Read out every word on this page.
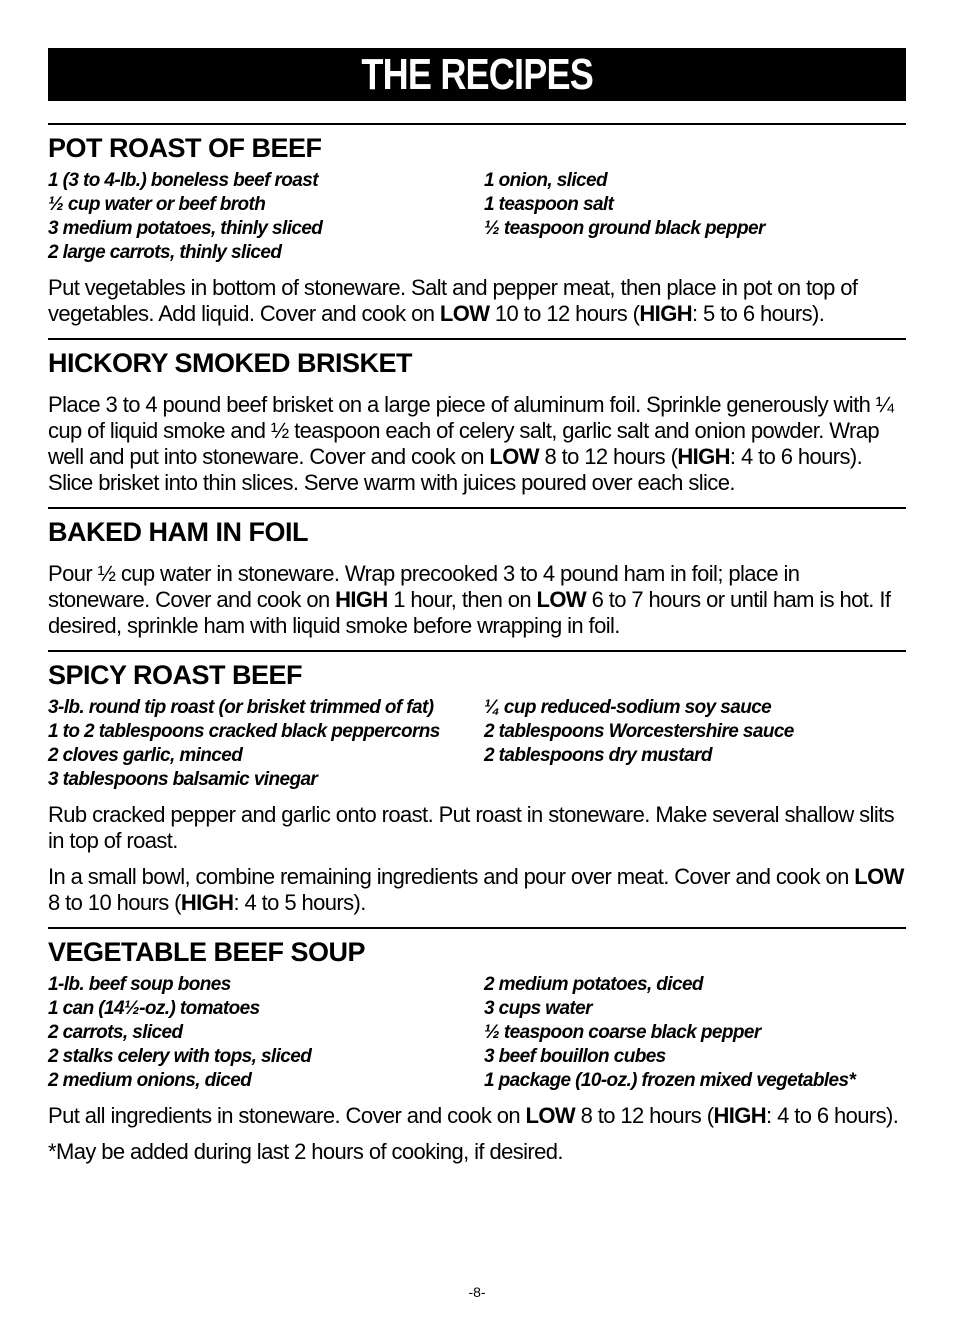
THE RECIPES
POT ROAST OF BEEF
1 (3 to 4-lb.) boneless beef roast
½ cup water or beef broth
3 medium potatoes, thinly sliced
2 large carrots, thinly sliced
1 onion, sliced
1 teaspoon salt
½ teaspoon ground black pepper

Put vegetables in bottom of stoneware. Salt and pepper meat, then place in pot on top of vegetables. Add liquid. Cover and cook on LOW 10 to 12 hours (HIGH: 5 to 6 hours).

HICKORY SMOKED BRISKET

Place 3 to 4 pound beef brisket on a large piece of aluminum foil. Sprinkle generously with ¼ cup of liquid smoke and ½ teaspoon each of celery salt, garlic salt and onion powder. Wrap well and put into stoneware. Cover and cook on LOW 8 to 12 hours (HIGH: 4 to 6 hours). Slice brisket into thin slices. Serve warm with juices poured over each slice.

BAKED HAM IN FOIL

Pour ½ cup water in stoneware. Wrap precooked 3 to 4 pound ham in foil; place in stoneware. Cover and cook on HIGH 1 hour, then on LOW 6 to 7 hours or until ham is hot. If desired, sprinkle ham with liquid smoke before wrapping in foil.

SPICY ROAST BEEF
3-lb. round tip roast (or brisket trimmed of fat)
1 to 2 tablespoons cracked black peppercorns
2 cloves garlic, minced
3 tablespoons balsamic vinegar
¼ cup reduced-sodium soy sauce
2 tablespoons Worcestershire sauce
2 tablespoons dry mustard

Rub cracked pepper and garlic onto roast. Put roast in stoneware. Make several shallow slits in top of roast.

In a small bowl, combine remaining ingredients and pour over meat. Cover and cook on LOW 8 to 10 hours (HIGH: 4 to 5 hours).

VEGETABLE BEEF SOUP
1-lb. beef soup bones
1 can (14½-oz.) tomatoes
2 carrots, sliced
2 stalks celery with tops, sliced
2 medium onions, diced
2 medium potatoes, diced
3 cups water
½ teaspoon coarse black pepper
3 beef bouillon cubes
1 package (10-oz.) frozen mixed vegetables*

Put all ingredients in stoneware. Cover and cook on LOW 8 to 12 hours (HIGH: 4 to 6 hours).

*May be added during last 2 hours of cooking, if desired.

-8-
